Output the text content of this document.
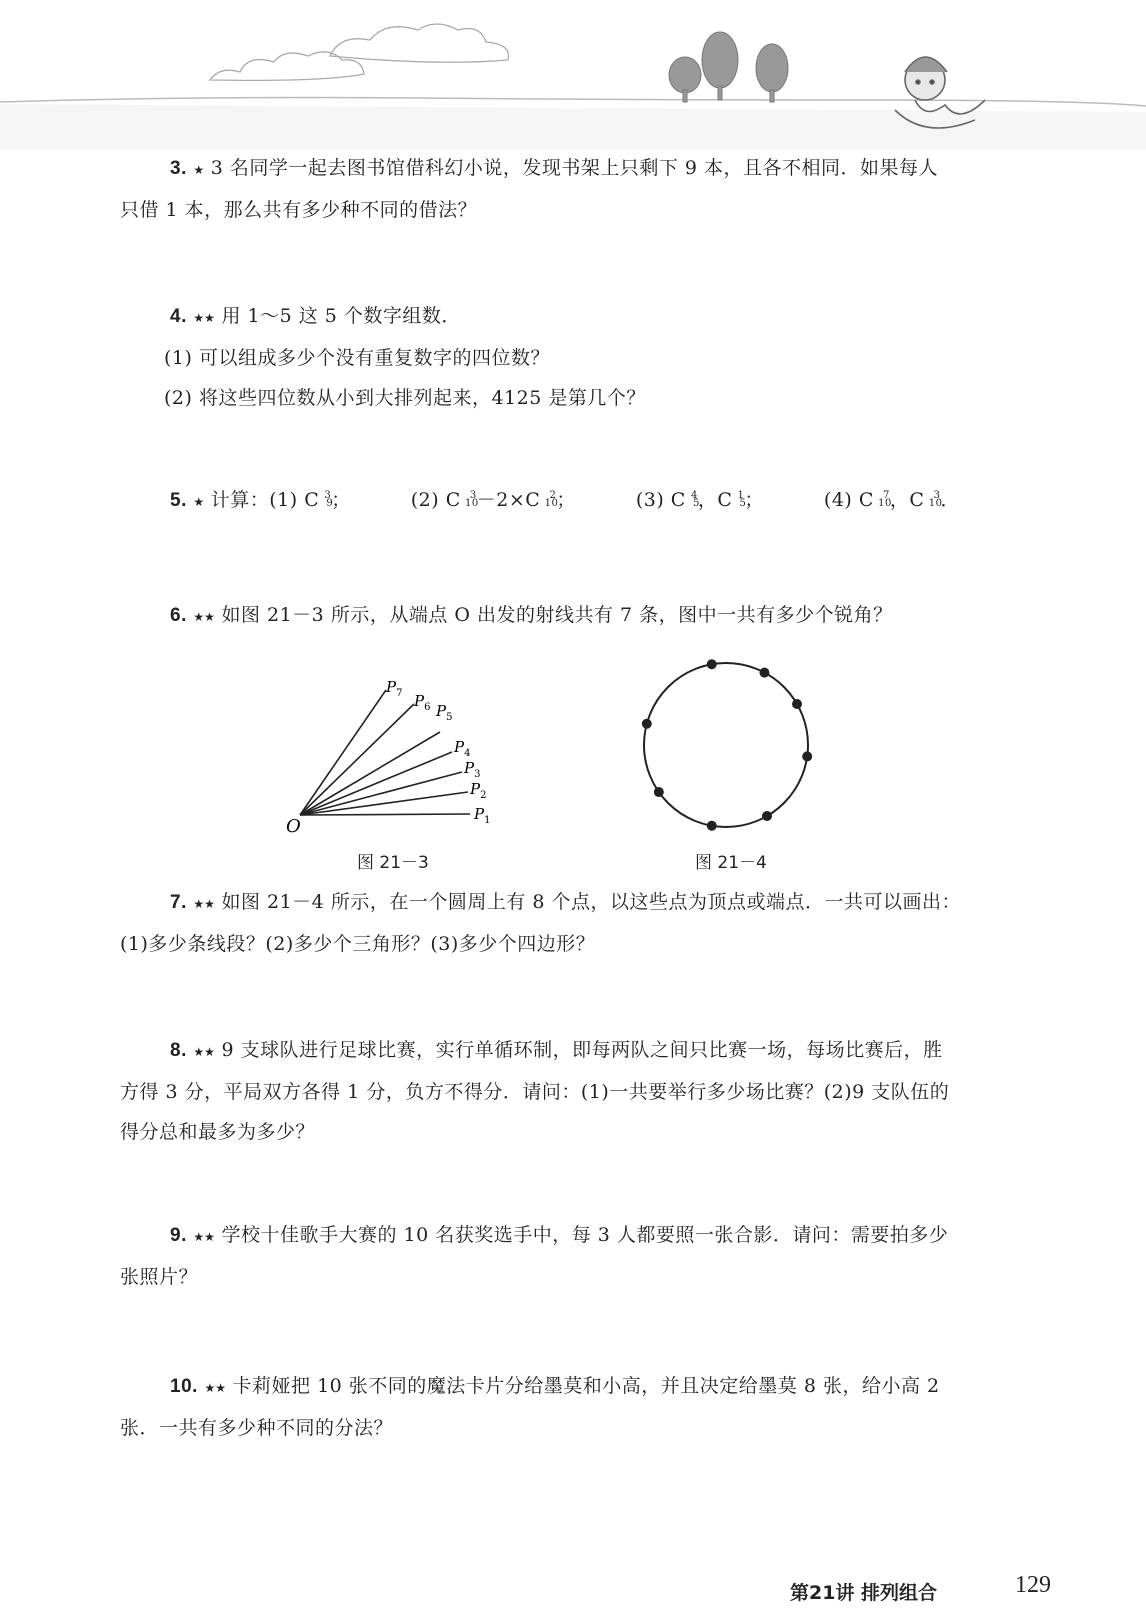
3. ★ 3 名同学一起去图书馆借科幻小说，发现书架上只剩下 9 本，且各不相同．如果每人
只借 1 本，那么共有多少种不同的借法？
4. ★★ 用 1～5 这 5 个数字组数．
(1) 可以组成多少个没有重复数字的四位数？
(2) 将这些四位数从小到大排列起来，4125 是第几个？
5. ★ 计算：(1) C 3
9
；	(2) C 3
10
－2×C 2
10
；	(3) C 4
5
，C 1
5
；	(4) C 7
10
，C 3
10
．
6. ★★ 如图 21－3 所示，从端点 O 出发的射线共有 7 条，图中一共有多少个锐角？
O
$P_1$
$P_2$
$P_3$
$P_4$
$P_5$
$P_6$
$P_7$
图 21－3	图 21－4
7. ★★ 如图 21－4 所示，在一个圆周上有 8 个点，以这些点为顶点或端点．一共可以画出：
(1)多少条线段？(2)多少个三角形？(3)多少个四边形？
8. ★★ 9 支球队进行足球比赛，实行单循环制，即每两队之间只比赛一场，每场比赛后，胜
方得 3 分，平局双方各得 1 分，负方不得分．请问：(1)一共要举行多少场比赛？(2)9 支队伍的
得分总和最多为多少？
9. ★★ 学校十佳歌手大赛的 10 名获奖选手中，每 3 人都要照一张合影．请问：需要拍多少
张照片？
10. ★★ 卡莉娅把 10 张不同的魔法卡片分给墨莫和小高，并且决定给墨莫 8 张，给小高 2
张．一共有多少种不同的分法？
第21讲 排列组合	129
